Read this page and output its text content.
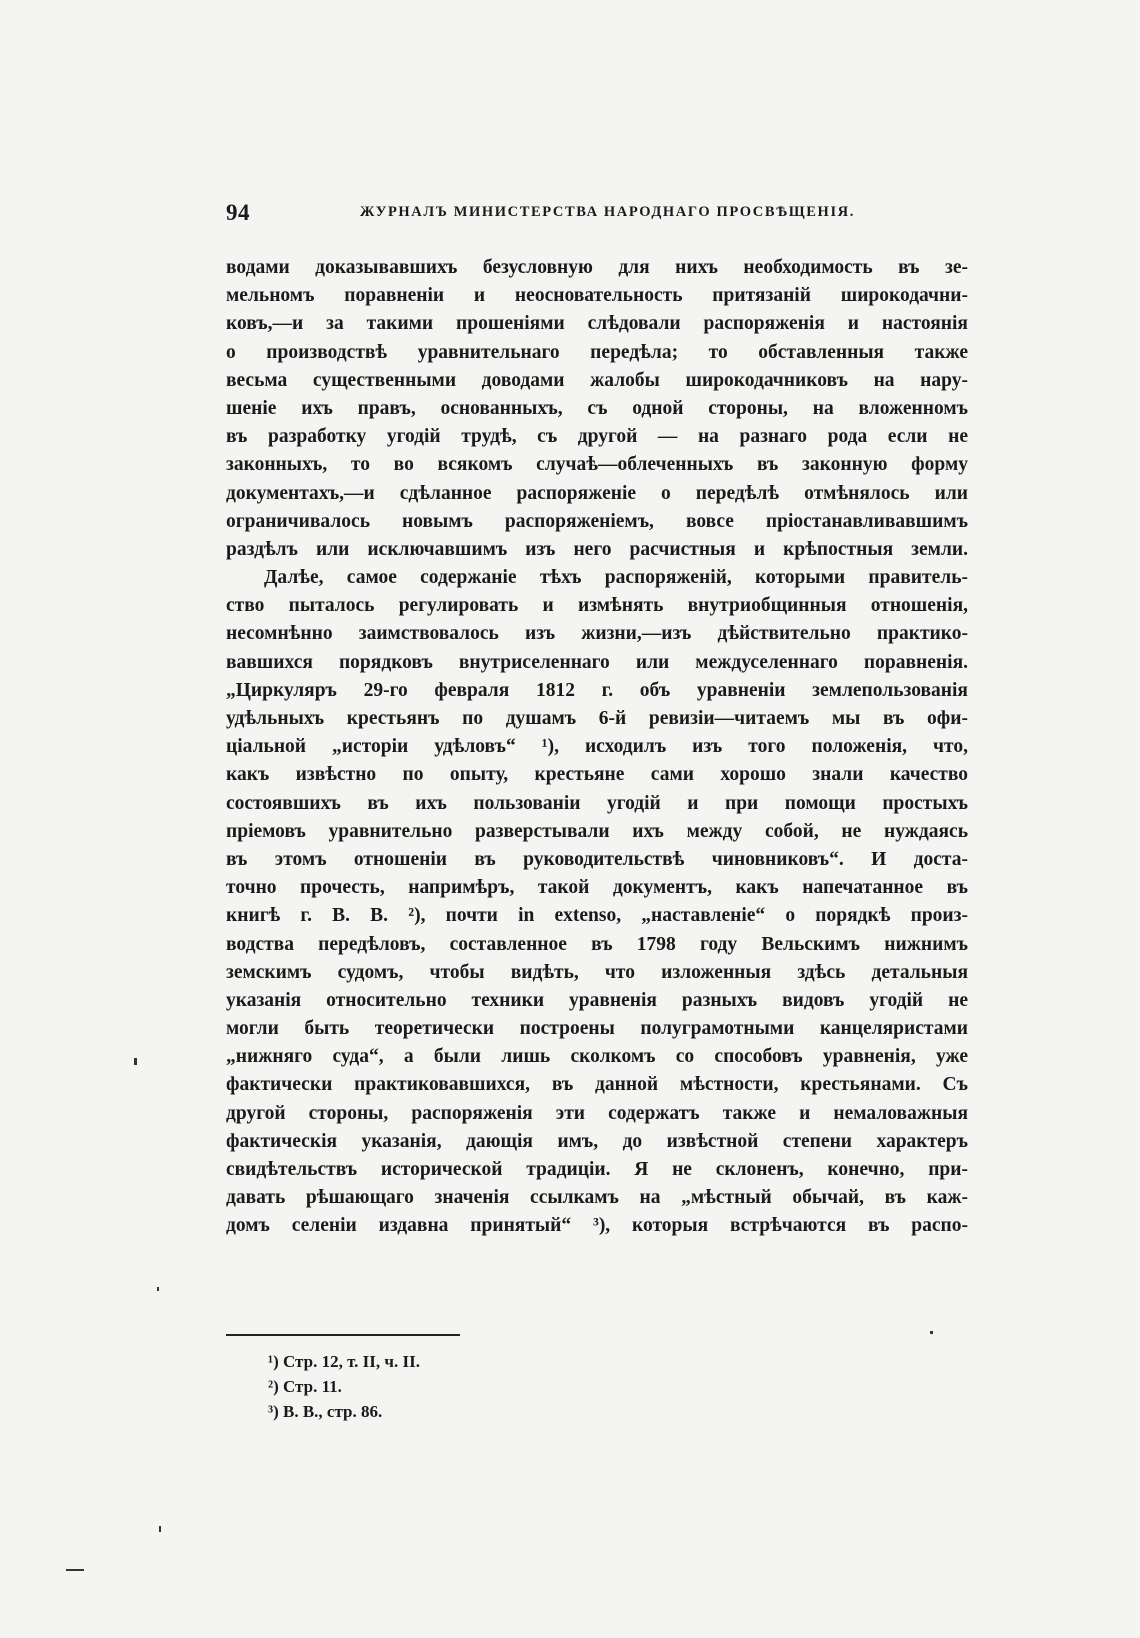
94	ЖУРНАЛЪ МИНИСТЕРСТВА НАРОДНАГО ПРОСВѢЩЕНІЯ.
водами доказывавшихъ безусловную для нихъ необходимость въ зе-
мельномъ поравненіи и неосновательность притязаній широкодачни-
ковъ,—и за такими прошеніями слѣдовали распоряженія и настоянія
о производствѣ уравнительнаго передѣла; то обставленныя также
весьма существенными доводами жалобы широкодачниковъ на нару-
шеніе ихъ правъ, основанныхъ, съ одной стороны, на вложенномъ
въ разработку угодій трудѣ, съ другой — на разнаго рода если не
законныхъ, то во всякомъ случаѣ—облеченныхъ въ законную форму
документахъ,—и сдѣланное распоряженіе о передѣлѣ отмѣнялось или
ограничивалось новымъ распоряженіемъ, вовсе пріостанавливавшимъ
раздѣлъ или исключавшимъ изъ него расчистныя и крѣпостныя земли.
Далѣе, самое содержаніе тѣхъ распоряженій, которыми правитель-
ство пыталось регулировать и измѣнять внутриобщинныя отношенія,
несомнѣнно заимствовалось изъ жизни,—изъ дѣйствительно практико-
вавшихся порядковъ внутриселеннаго или междуселеннаго поравненія.
„Циркуляръ 29-го февраля 1812 г. объ уравненіи землепользованія
удѣльныхъ крестьянъ по душамъ 6-й ревизіи—читаемъ мы въ офи-
ціальной „исторіи удѣловъ“ ¹), исходилъ изъ того положенія, что,
какъ извѣстно по опыту, крестьяне сами хорошо знали качество
состоявшихъ въ ихъ пользованіи угодій и при помощи простыхъ
пріемовъ уравнительно разверстывали ихъ между собой, не нуждаясь
въ этомъ отношеніи въ руководительствѣ чиновниковъ“. И доста-
точно прочесть, напримѣръ, такой документъ, какъ напечатанное въ
книгѣ г. В. В. ²), почти in extenso, „наставленіе“ о порядкѣ произ-
водства передѣловъ, составленное въ 1798 году Вельскимъ нижнимъ
земскимъ судомъ, чтобы видѣть, что изложенныя здѣсь детальныя
указанія относительно техники уравненія разныхъ видовъ угодій не
могли быть теоретически построены полуграмотными канцеляристами
„нижняго суда“, а были лишь сколкомъ со способовъ уравненія, уже
фактически практиковавшихся, въ данной мѣстности, крестьянами. Съ
другой стороны, распоряженія эти содержатъ также и немаловажныя
фактическія указанія, дающія имъ, до извѣстной степени характеръ
свидѣтельствъ исторической традиціи. Я не склоненъ, конечно, при-
давать рѣшающаго значенія ссылкамъ на „мѣстный обычай, въ каж-
домъ селеніи издавна принятый“ ³), которыя встрѣчаются въ распо-
¹) Стр. 12, т. II, ч. II.
²) Стр. 11.
³) В. В., стр. 86.
